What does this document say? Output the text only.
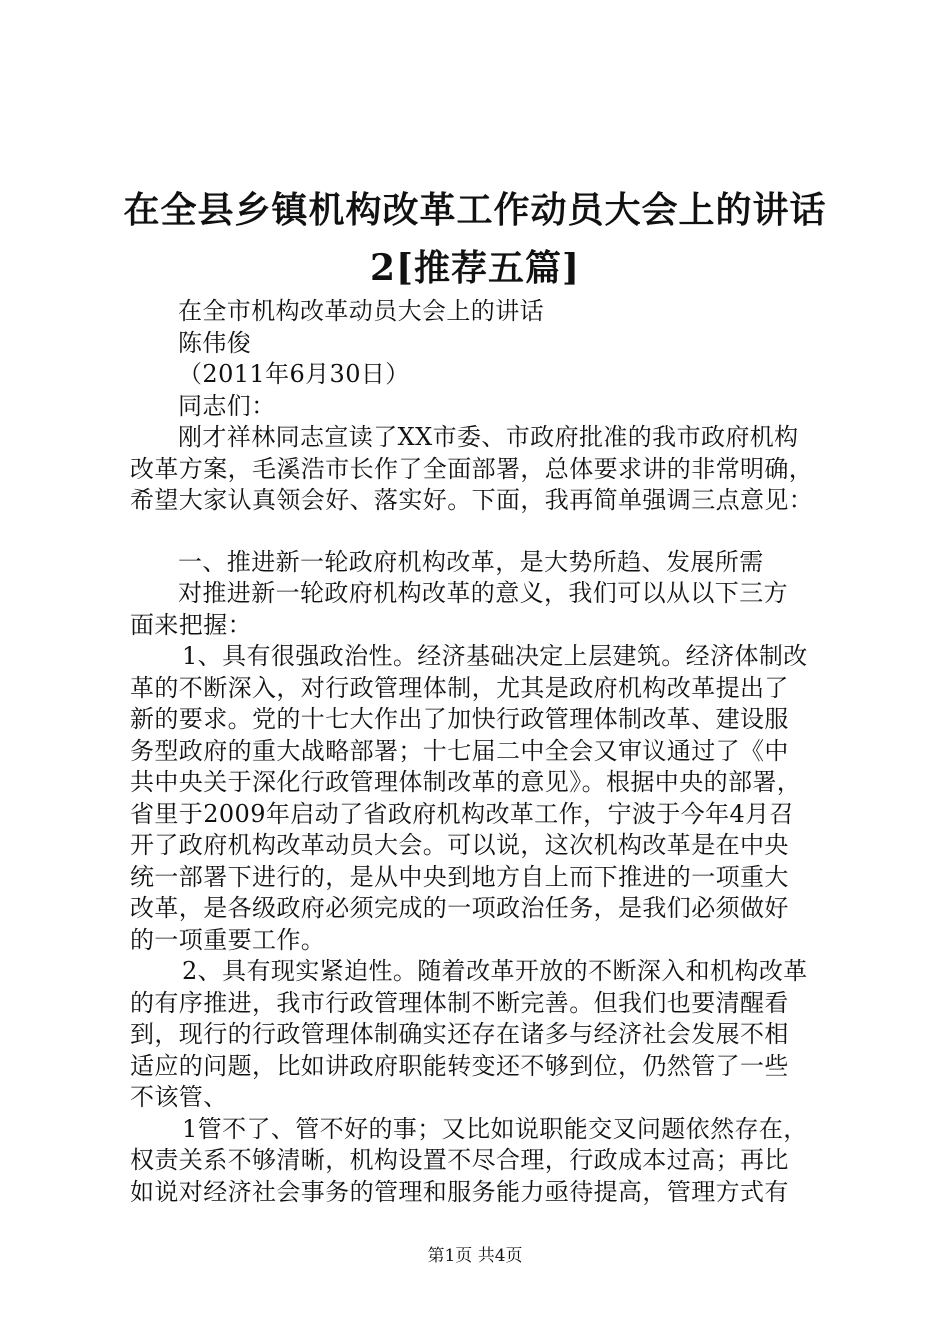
在全县乡镇机构改革工作动员大会上的讲话
2[推荐五篇]
在全市机构改革动员大会上的讲话
陈伟俊
（2011年6月30日）
同志们：
刚才祥林同志宣读了XX市委、市政府批准的我市政府机构
改革方案，毛溪浩市长作了全面部署，总体要求讲的非常明确，
希望大家认真领会好、落实好。下面，我再简单强调三点意见：
一、推进新一轮政府机构改革，是大势所趋、发展所需
对推进新一轮政府机构改革的意义，我们可以从以下三方
面来把握：
1、具有很强政治性。经济基础决定上层建筑。经济体制改
革的不断深入，对行政管理体制，尤其是政府机构改革提出了
新的要求。党的十七大作出了加快行政管理体制改革、建设服
务型政府的重大战略部署；十七届二中全会又审议通过了《中
共中央关于深化行政管理体制改革的意见》。根据中央的部署，
省里于2009年启动了省政府机构改革工作，宁波于今年4月召
开了政府机构改革动员大会。可以说，这次机构改革是在中央
统一部署下进行的，是从中央到地方自上而下推进的一项重大
改革，是各级政府必须完成的一项政治任务，是我们必须做好
的一项重要工作。
2、具有现实紧迫性。随着改革开放的不断深入和机构改革
的有序推进，我市行政管理体制不断完善。但我们也要清醒看
到，现行的行政管理体制确实还存在诸多与经济社会发展不相
适应的问题，比如讲政府职能转变还不够到位，仍然管了一些
不该管、
1管不了、管不好的事；又比如说职能交叉问题依然存在，
权责关系不够清晰，机构设置不尽合理，行政成本过高；再比
如说对经济社会事务的管理和服务能力亟待提高，管理方式有
第1页 共4页
